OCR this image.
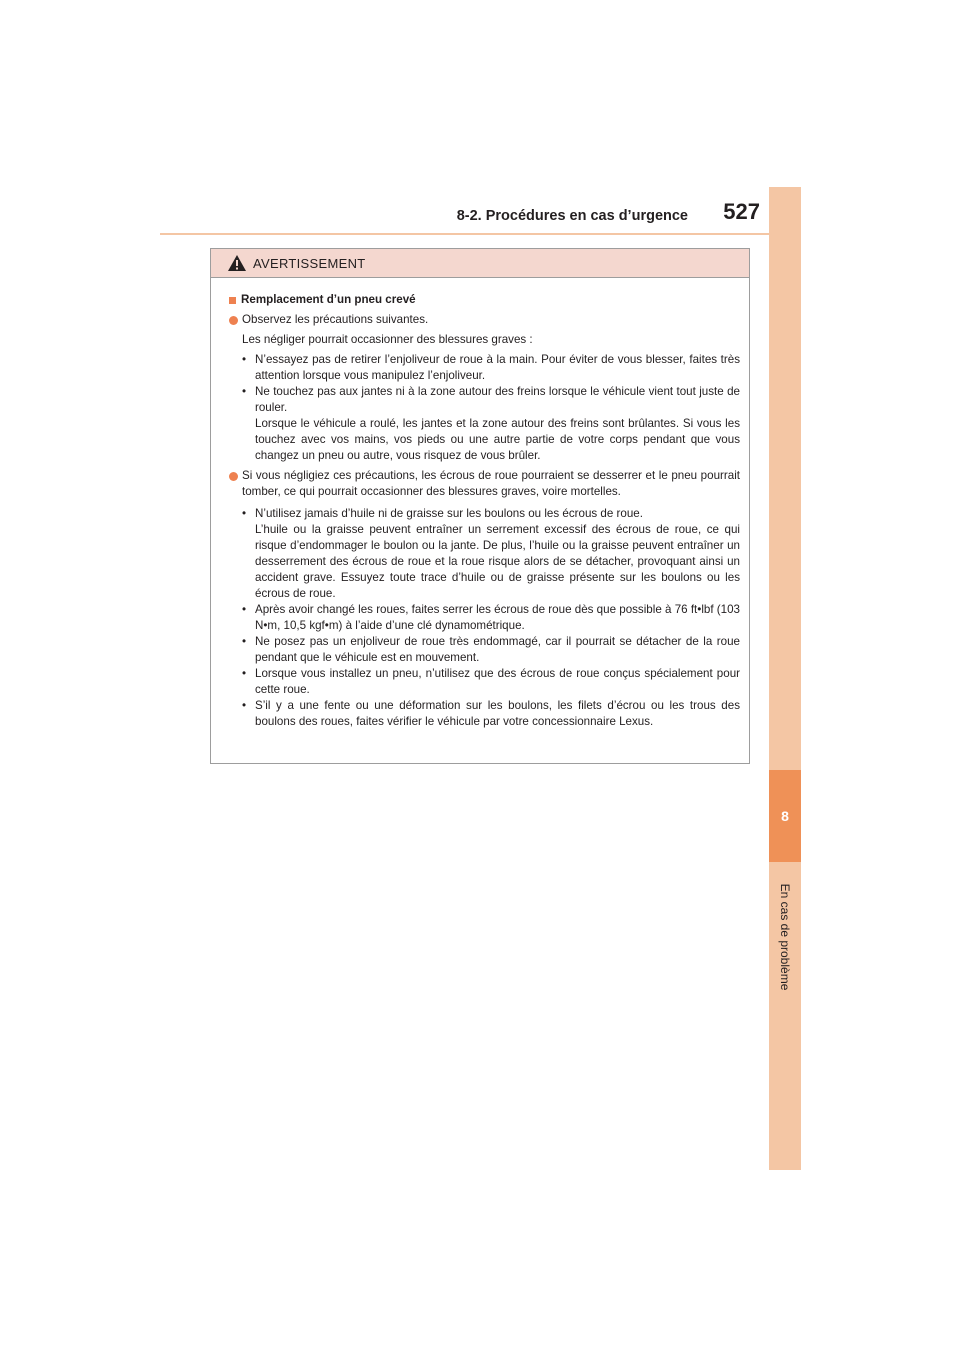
8-2. Procédures en cas d’urgence 527
8
En cas de problème
AVERTISSEMENT
Remplacement d’un pneu crevé
Observez les précautions suivantes.
Les négliger pourrait occasionner des blessures graves :
• N’essayez pas de retirer l’enjoliveur de roue à la main. Pour éviter de vous blesser, faites très attention lorsque vous manipulez l’enjoliveur.
• Ne touchez pas aux jantes ni à la zone autour des freins lorsque le véhicule vient tout juste de rouler.
Lorsque le véhicule a roulé, les jantes et la zone autour des freins sont brûlantes. Si vous les touchez avec vos mains, vos pieds ou une autre partie de votre corps pendant que vous changez un pneu ou autre, vous risquez de vous brûler.
Si vous négligiez ces précautions, les écrous de roue pourraient se desserrer et le pneu pourrait tomber, ce qui pourrait occasionner des blessures graves, voire mortelles.
• N’utilisez jamais d’huile ni de graisse sur les boulons ou les écrous de roue.
L’huile ou la graisse peuvent entraîner un serrement excessif des écrous de roue, ce qui risque d’endommager le boulon ou la jante. De plus, l’huile ou la graisse peuvent entraîner un desserrement des écrous de roue et la roue risque alors de se détacher, provoquant ainsi un accident grave. Essuyez toute trace d’huile ou de graisse présente sur les boulons ou les écrous de roue.
• Après avoir changé les roues, faites serrer les écrous de roue dès que possible à 76 ft•lbf (103 N•m, 10,5 kgf•m) à l’aide d’une clé dynamométrique.
• Ne posez pas un enjoliveur de roue très endommagé, car il pourrait se détacher de la roue pendant que le véhicule est en mouvement.
• Lorsque vous installez un pneu, n’utilisez que des écrous de roue conçus spécialement pour cette roue.
• S’il y a une fente ou une déformation sur les boulons, les filets d’écrou ou les trous des boulons des roues, faites vérifier le véhicule par votre concessionnaire Lexus.
